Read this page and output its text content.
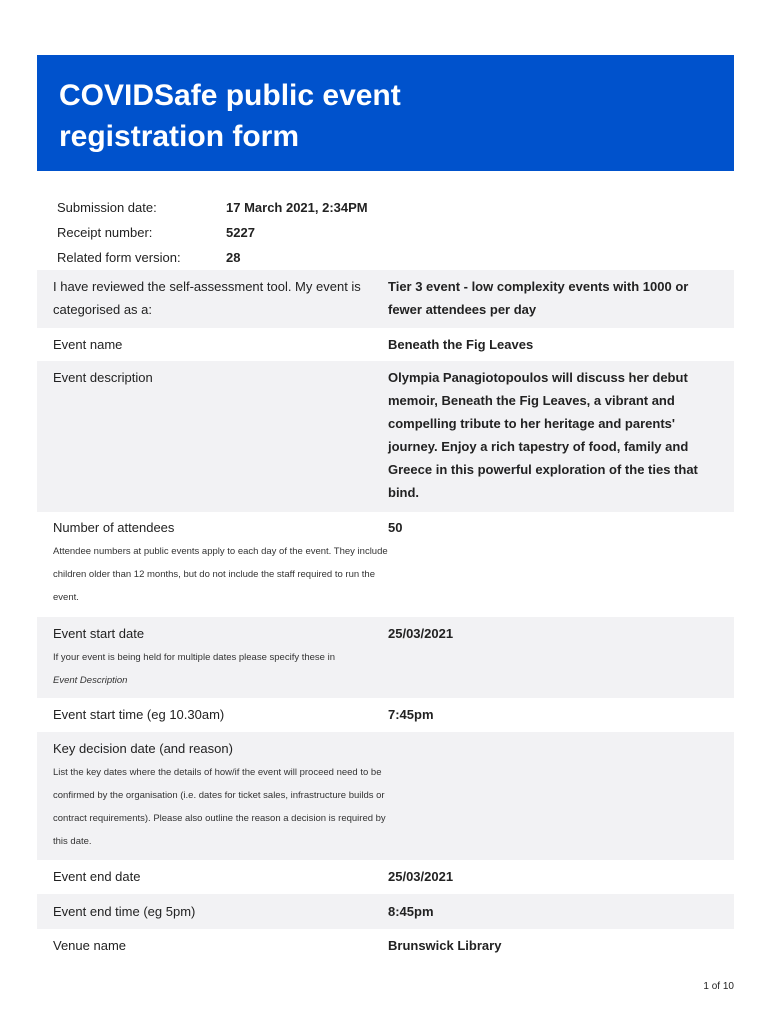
COVIDSafe public event registration form
Submission date:	17 March 2021, 2:34PM
Receipt number:	5227
Related form version:	28
I have reviewed the self-assessment tool. My event is categorised as a:
Tier 3 event - low complexity events with 1000 or fewer attendees per day
Event name	Beneath the Fig Leaves
Event description	Olympia Panagiotopoulos will discuss her debut memoir, Beneath the Fig Leaves, a vibrant and compelling tribute to her heritage and parents' journey. Enjoy a rich tapestry of food, family and Greece in this powerful exploration of the ties that bind.
Number of attendees	50
Attendee numbers at public events apply to each day of the event. They include children older than 12 months, but do not include the staff required to run the event.
Event start date	25/03/2021
If your event is being held for multiple dates please specify these in
Event Description
Event start time (eg 10.30am)	7:45pm
Key decision date (and reason)
List the key dates where the details of how/if the event will proceed need to be confirmed by the organisation (i.e. dates for ticket sales, infrastructure builds or contract requirements). Please also outline the reason a decision is required by this date.
Event end date	25/03/2021
Event end time (eg 5pm)	8:45pm
Venue name	Brunswick Library
1 of 10
